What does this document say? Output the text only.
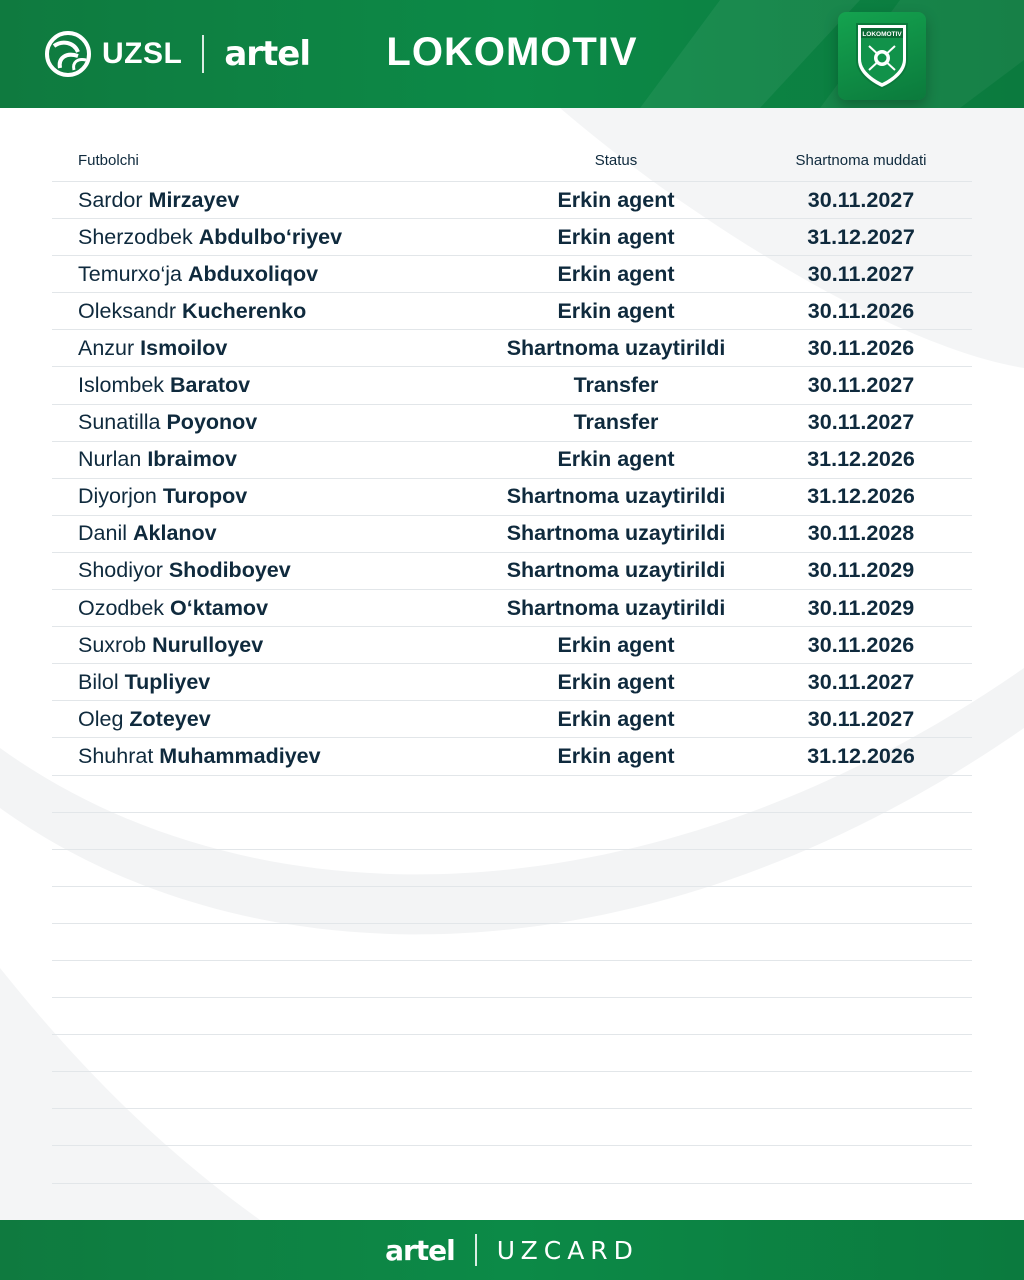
UZSL artel	LOKOMOTIV	LOKOMOTIV
Futbolchi	Status	Shartnoma muddati
Sardor Mirzayev	Erkin agent	30.11.2027
Sherzodbek Abdulbo‘riyev	Erkin agent	31.12.2027
Temurxo‘ja Abduxoliqov	Erkin agent	30.11.2027
Oleksandr Kucherenko	Erkin agent	30.11.2026
Anzur Ismoilov	Shartnoma uzaytirildi	30.11.2026
Islombek Baratov	Transfer	30.11.2027
Sunatilla Poyonov	Transfer	30.11.2027
Nurlan Ibraimov	Erkin agent	31.12.2026
Diyorjon Turopov	Shartnoma uzaytirildi	31.12.2026
Danil Aklanov	Shartnoma uzaytirildi	30.11.2028
Shodiyor Shodiboyev	Shartnoma uzaytirildi	30.11.2029
Ozodbek O‘ktamov	Shartnoma uzaytirildi	30.11.2029
Suxrob Nurulloyev	Erkin agent	30.11.2026
Bilol Tupliyev	Erkin agent	30.11.2027
Oleg Zoteyev	Erkin agent	30.11.2027
Shuhrat Muhammadiyev	Erkin agent	31.12.2026
artel UZCARD
